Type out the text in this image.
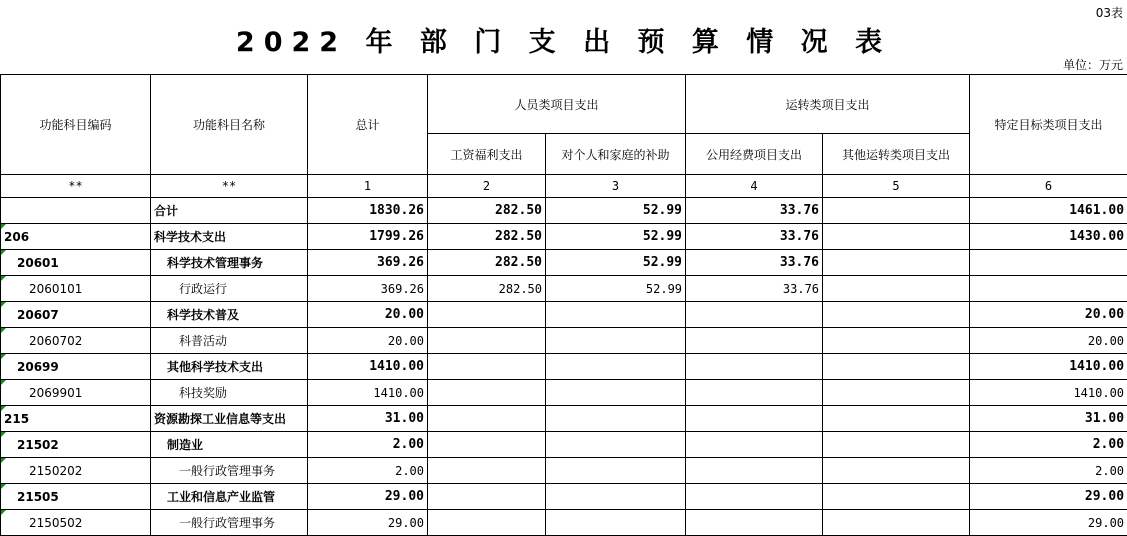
03表
2022 年 部 门 支 出 预 算 情 况 表
单位：万元
功能科目编码	功能科目名称	总计	人员类项目支出		运转类项目支出		特定目标类项目支出
			工资福利支出	对个人和家庭的补助	公用经费项目支出	其他运转类项目支出	
**	**	1	2	3	4	5	6
	合计	1830.26	282.50	52.99	33.76		1461.00
206	科学技术支出	1799.26	282.50	52.99	33.76		1430.00
20601	科学技术管理事务	369.26	282.50	52.99	33.76		
2060101	行政运行	369.26	282.50	52.99	33.76		
20607	科学技术普及	20.00					20.00
2060702	科普活动	20.00					20.00
20699	其他科学技术支出	1410.00					1410.00
2069901	科技奖励	1410.00					1410.00
215	资源勘探工业信息等支出	31.00					31.00
21502	制造业	2.00					2.00
2150202	一般行政管理事务	2.00					2.00
21505	工业和信息产业监管	29.00					29.00
2150502	一般行政管理事务	29.00					29.00
